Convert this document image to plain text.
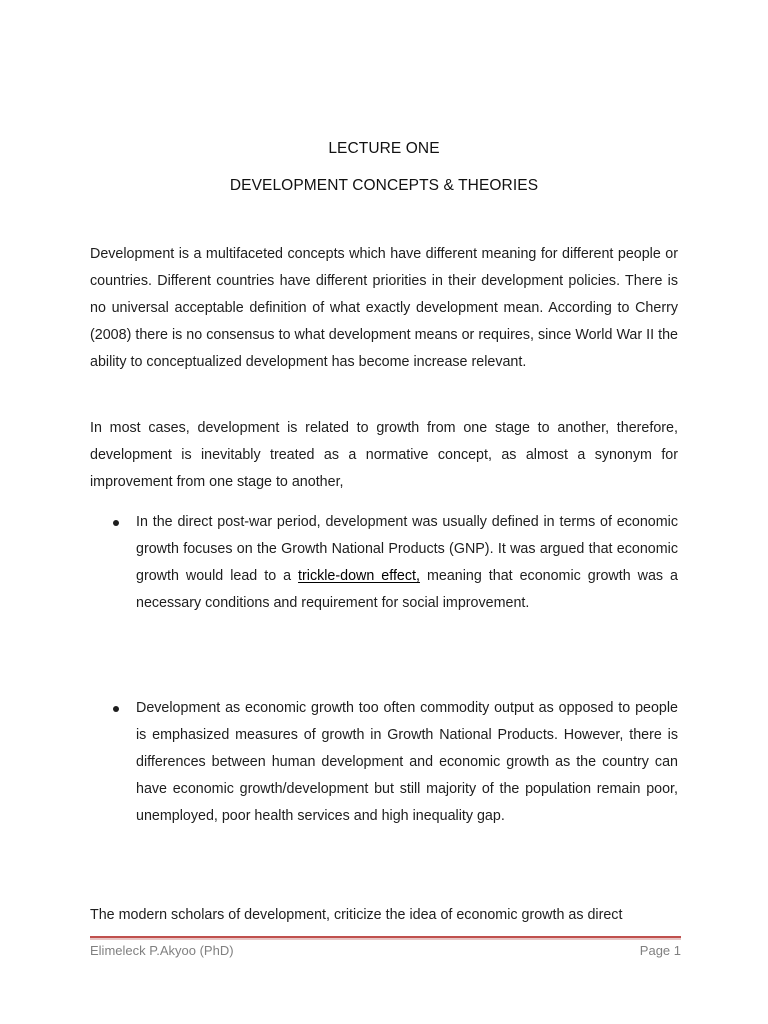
LECTURE ONE
DEVELOPMENT CONCEPTS & THEORIES

Development is a multifaceted concepts which have different meaning for different people or countries. Different countries have different priorities in their development policies. There is no universal acceptable definition of what exactly development mean. According to Cherry (2008) there is no consensus to what development means or requires, since World War II the ability to conceptualized development has become increase relevant.

In most cases, development is related to growth from one stage to another, therefore, development is inevitably treated as a normative concept, as almost a synonym for improvement from one stage to another,

In the direct post-war period, development was usually defined in terms of economic growth focuses on the Growth National Products (GNP). It was argued that economic growth would lead to a trickle-down effect, meaning that economic growth was a necessary conditions and requirement for social improvement.

Development as economic growth too often commodity output as opposed to people is emphasized measures of growth in Growth National Products. However, there is differences between human development and economic growth as the country can have economic growth/development but still majority of the population remain poor, unemployed, poor health services and high inequality gap.

The modern scholars of development, criticize the idea of economic growth as direct

Elimeleck P.Akyoo (PhD)	Page 1
